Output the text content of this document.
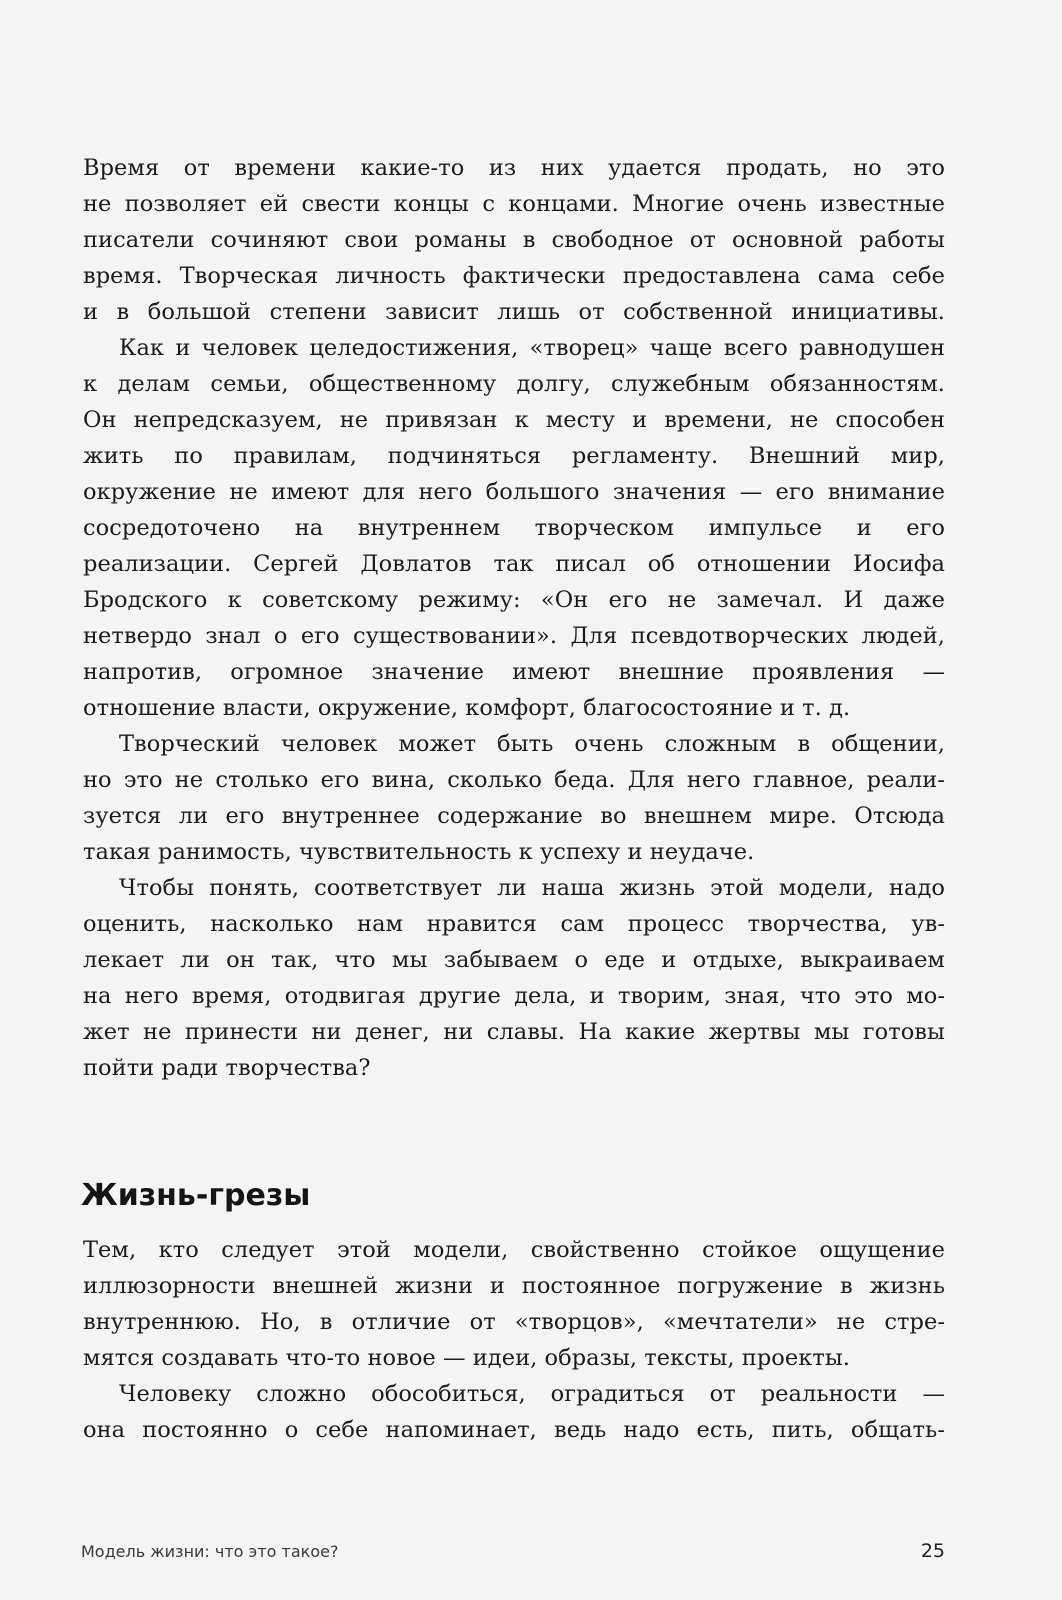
Время от времени какие-то из них удается продать, но это
не позволяет ей свести концы с концами. Многие очень известные
писатели сочиняют свои романы в свободное от основной работы
время. Творческая личность фактически предоставлена сама себе
и в большой степени зависит лишь от собственной инициативы.
Как и человек целедостижения, «творец» чаще всего равнодушен
к делам семьи, общественному долгу, служебным обязанностям.
Он непредсказуем, не привязан к месту и времени, не способен
жить по правилам, подчиняться регламенту. Внешний мир,
окружение не имеют для него большого значения — его внимание
сосредоточено на внутреннем творческом импульсе и его
реализации. Сергей Довлатов так писал об отношении Иосифа
Бродского к советскому режиму: «Он его не замечал. И даже
нетвердо знал о его существовании». Для псевдотворческих людей,
напротив, огромное значение имеют внешние проявления —
отношение власти, окружение, комфорт, благосостояние и т. д.
Творческий человек может быть очень сложным в общении,
но это не столько его вина, сколько беда. Для него главное, реали-
зуется ли его внутреннее содержание во внешнем мире. Отсюда
такая ранимость, чувствительность к успеху и неудаче.
Чтобы понять, соответствует ли наша жизнь этой модели, надо
оценить, насколько нам нравится сам процесс творчества, ув-
лекает ли он так, что мы забываем о еде и отдыхе, выкраиваем
на него время, отодвигая другие дела, и творим, зная, что это мо-
жет не принести ни денег, ни славы. На какие жертвы мы готовы
пойти ради творчества?
Жизнь-грезы
Тем, кто следует этой модели, свойственно стойкое ощущение
иллюзорности внешней жизни и постоянное погружение в жизнь
внутреннюю. Но, в отличие от «творцов», «мечтатели» не стре-
мятся создавать что-то новое — идеи, образы, тексты, проекты.
Человеку сложно обособиться, оградиться от реальности —
она постоянно о себе напоминает, ведь надо есть, пить, общать-
Модель жизни: что это такое?	25
